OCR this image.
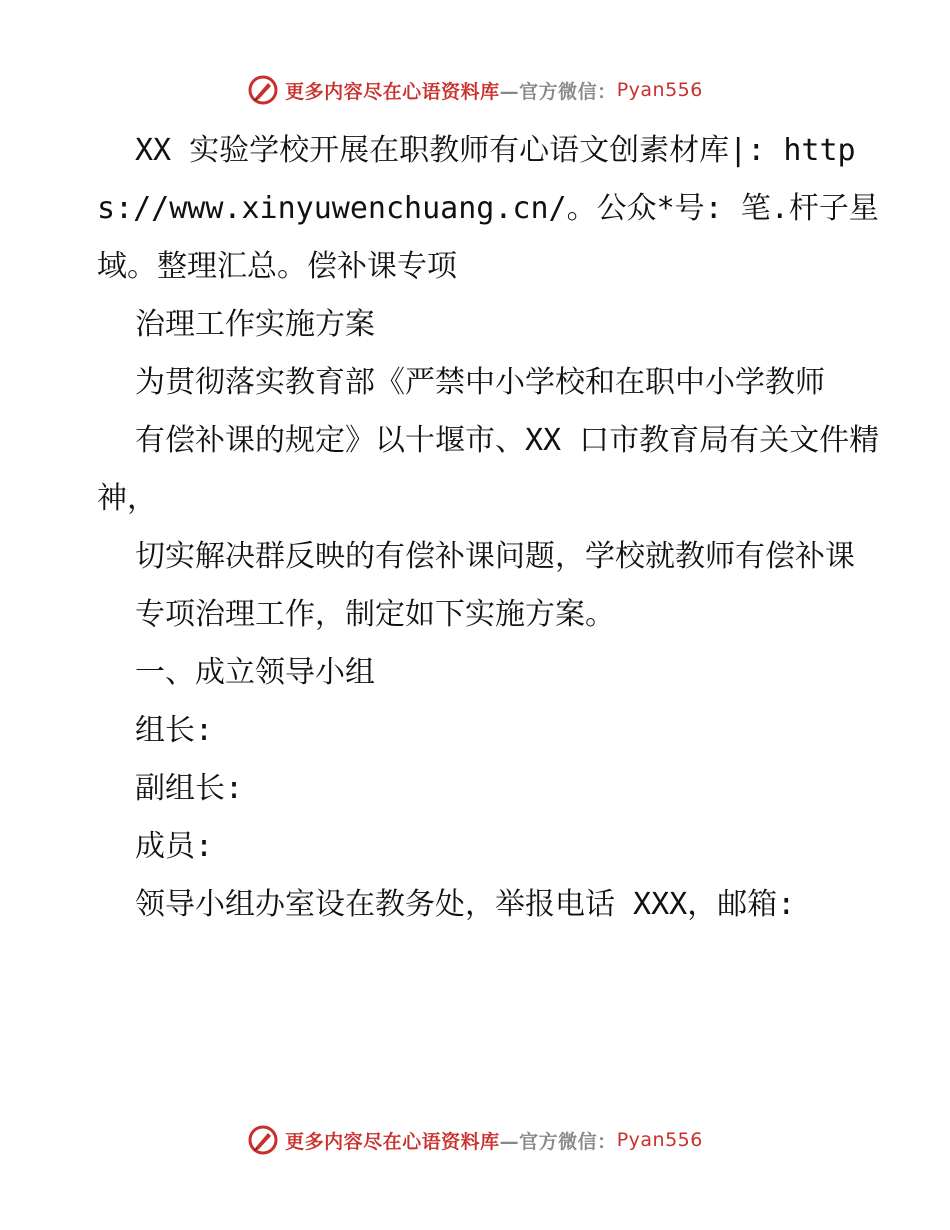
更多内容尽在心语资料库 —官方微信： Pyan556

XX 实验学校开展在职教师有心语文创素材库|: https://www.xinyuwenchuang.cn/。公众*号: 笔.杆子星域。整理汇总。偿补课专项

治理工作实施方案

为贯彻落实教育部《严禁中小学校和在职中小学教师

有偿补课的规定》以十堰市、XX 口市教育局有关文件精神，

切实解决群反映的有偿补课问题，学校就教师有偿补课

专项治理工作，制定如下实施方案。

一、成立领导小组

组长:

副组长:

成员:

领导小组办室设在教务处，举报电话 XXX，邮箱:

更多内容尽在心语资料库 —官方微信： Pyan556
